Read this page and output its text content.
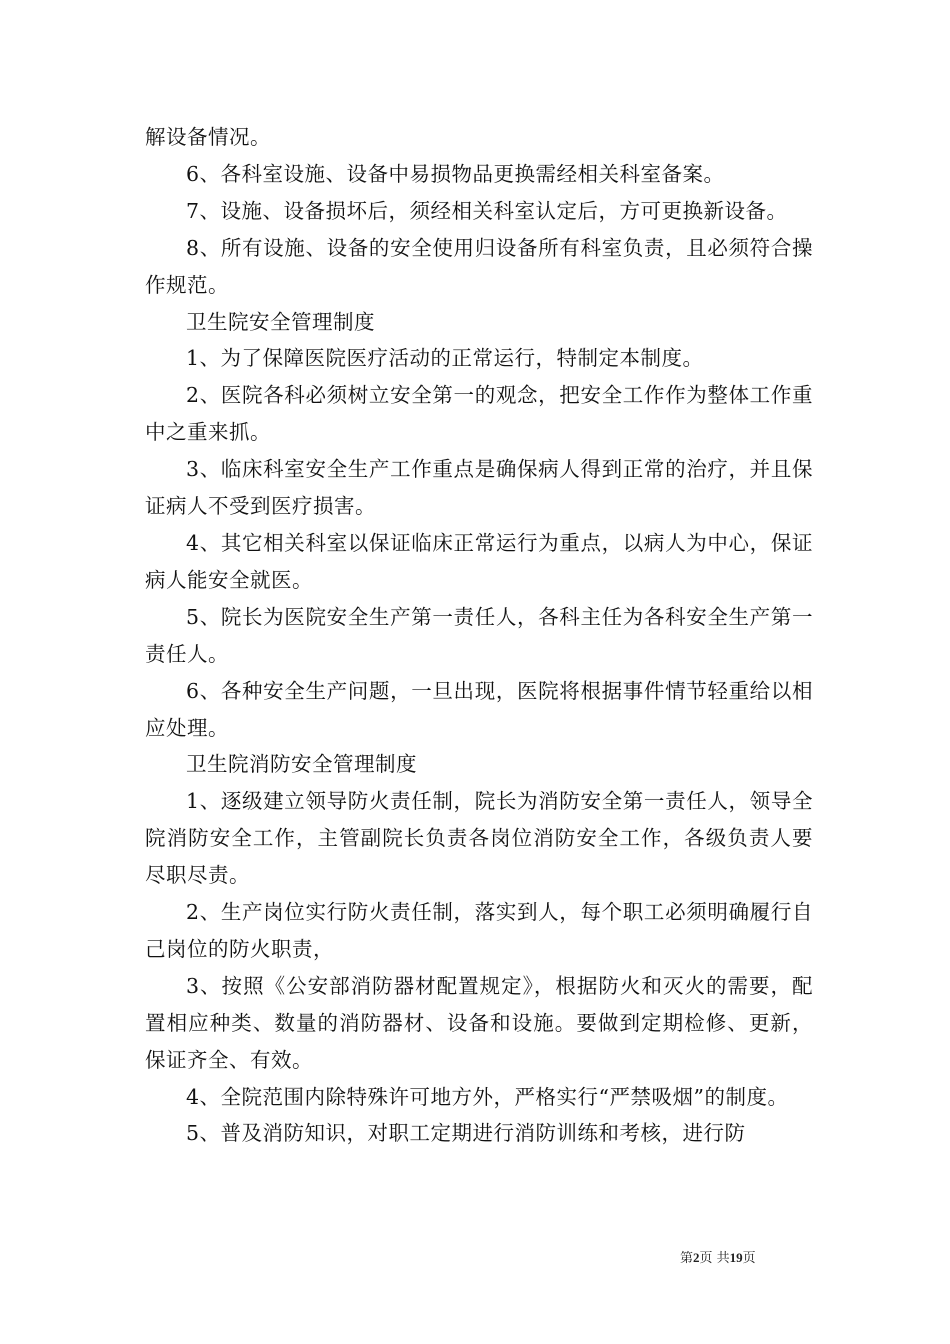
解设备情况。

6、各科室设施、设备中易损物品更换需经相关科室备案。

7、设施、设备损坏后，须经相关科室认定后，方可更换新设备。

8、所有设施、设备的安全使用归设备所有科室负责，且必须符合操作规范。

卫生院安全管理制度

1、为了保障医院医疗活动的正常运行，特制定本制度。

2、医院各科必须树立安全第一的观念，把安全工作作为整体工作重中之重来抓。

3、临床科室安全生产工作重点是确保病人得到正常的治疗，并且保证病人不受到医疗损害。

4、其它相关科室以保证临床正常运行为重点，以病人为中心，保证病人能安全就医。

5、院长为医院安全生产第一责任人，各科主任为各科安全生产第一责任人。

6、各种安全生产问题，一旦出现，医院将根据事件情节轻重给以相应处理。

卫生院消防安全管理制度

1、逐级建立领导防火责任制，院长为消防安全第一责任人，领导全院消防安全工作，主管副院长负责各岗位消防安全工作，各级负责人要尽职尽责。

2、生产岗位实行防火责任制，落实到人，每个职工必须明确履行自己岗位的防火职责，

3、按照《公安部消防器材配置规定》，根据防火和灭火的需要，配置相应种类、数量的消防器材、设备和设施。要做到定期检修、更新，保证齐全、有效。

4、全院范围内除特殊许可地方外，严格实行“严禁吸烟”的制度。

5、普及消防知识，对职工定期进行消防训练和考核，进行防

第2页 共19页
